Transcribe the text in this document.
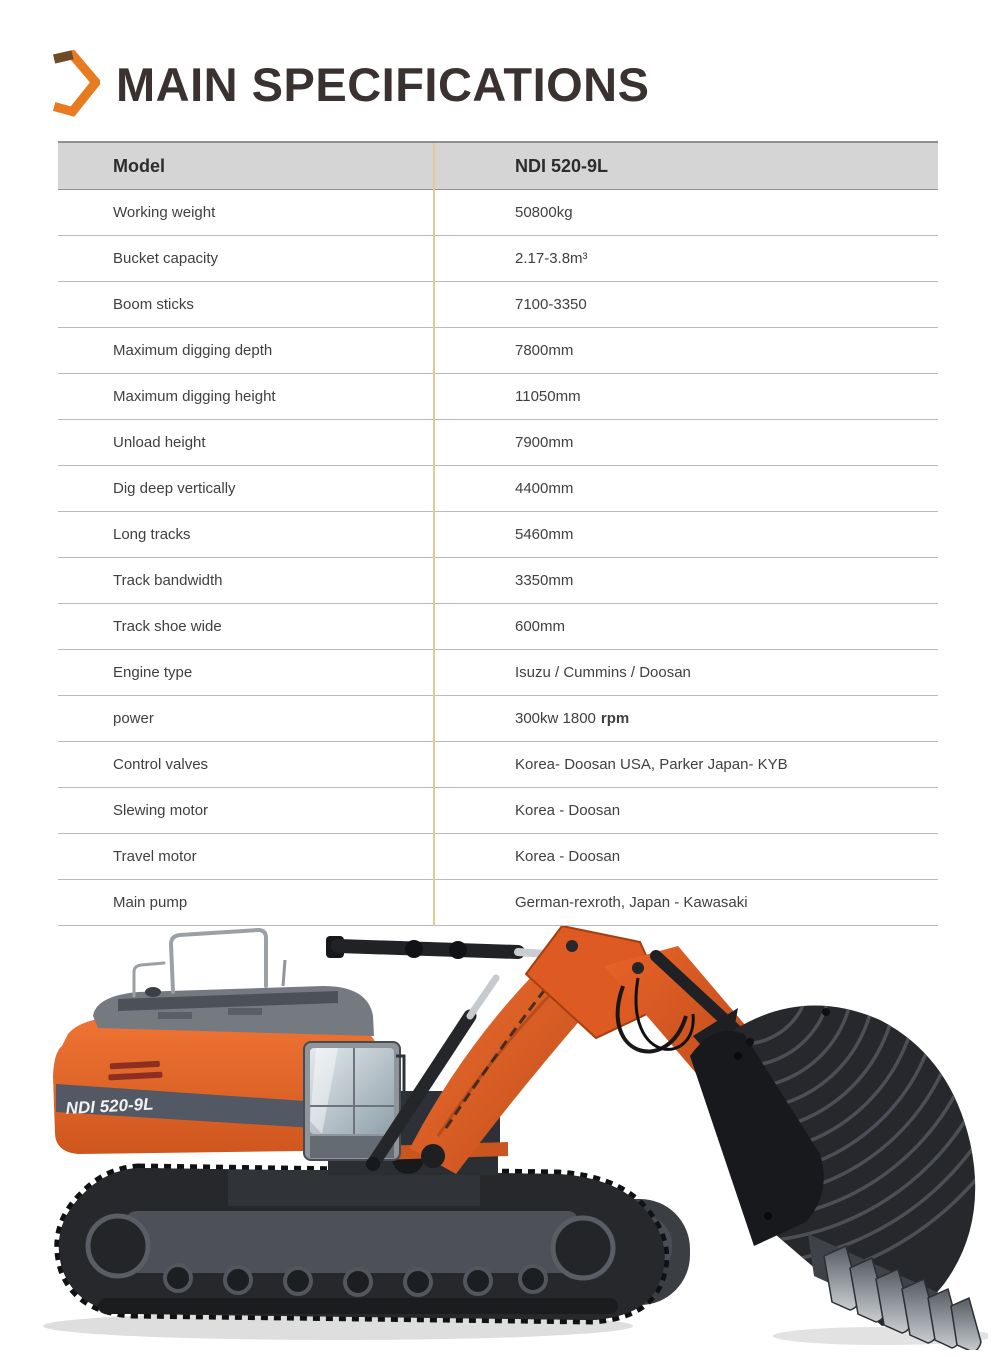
MAIN SPECIFICATIONS
Model	NDI 520-9L
Working weight	50800kg
Bucket capacity	2.17-3.8m³
Boom sticks	7100-3350
Maximum digging depth	7800mm
Maximum digging height	11050mm
Unload height	7900mm
Dig deep vertically	4400mm
Long tracks	5460mm
Track bandwidth	3350mm
Track shoe wide	600mm
Engine type	Isuzu / Cummins / Doosan
power	300kw 1800 rpm
Control valves	Korea- Doosan USA, Parker Japan- KYB
Slewing motor	Korea - Doosan
Travel motor	Korea - Doosan
Main pump	German-rexroth, Japan - Kawasaki
NDI 520-9L
